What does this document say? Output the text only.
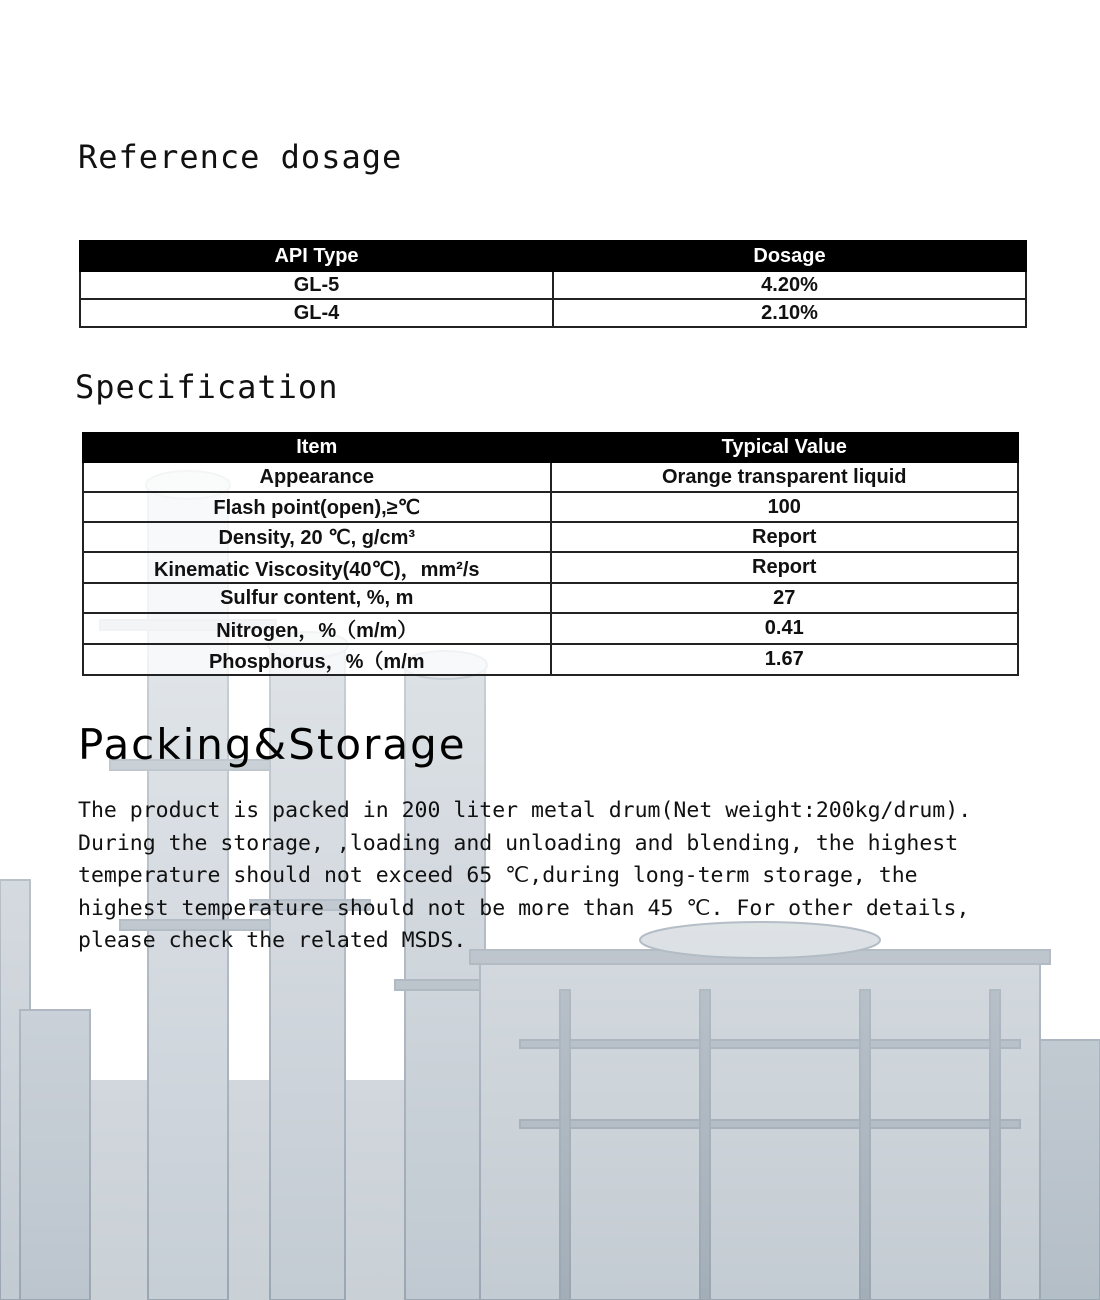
Reference dosage
API Type	Dosage
GL-5	4.20%
GL-4	2.10%
Specification
Item	Typical Value
Appearance	Orange transparent liquid
Flash point(open),≥℃	100
Density, 20 ℃, g/cm³	Report
Kinematic Viscosity(40℃)，mm²/s	Report
Sulfur content, %, m	27
Nitrogen，%（m/m）	0.41
Phosphorus，%（m/m	1.67
Packing&Storage

The product is packed in 200 liter metal drum(Net weight:200kg/drum).
During the storage, ,loading and unloading and blending, the highest
temperature should not exceed 65 ℃,during long-term storage, the
highest temperature should not be more than 45 ℃. For other details,
please check the related MSDS.
